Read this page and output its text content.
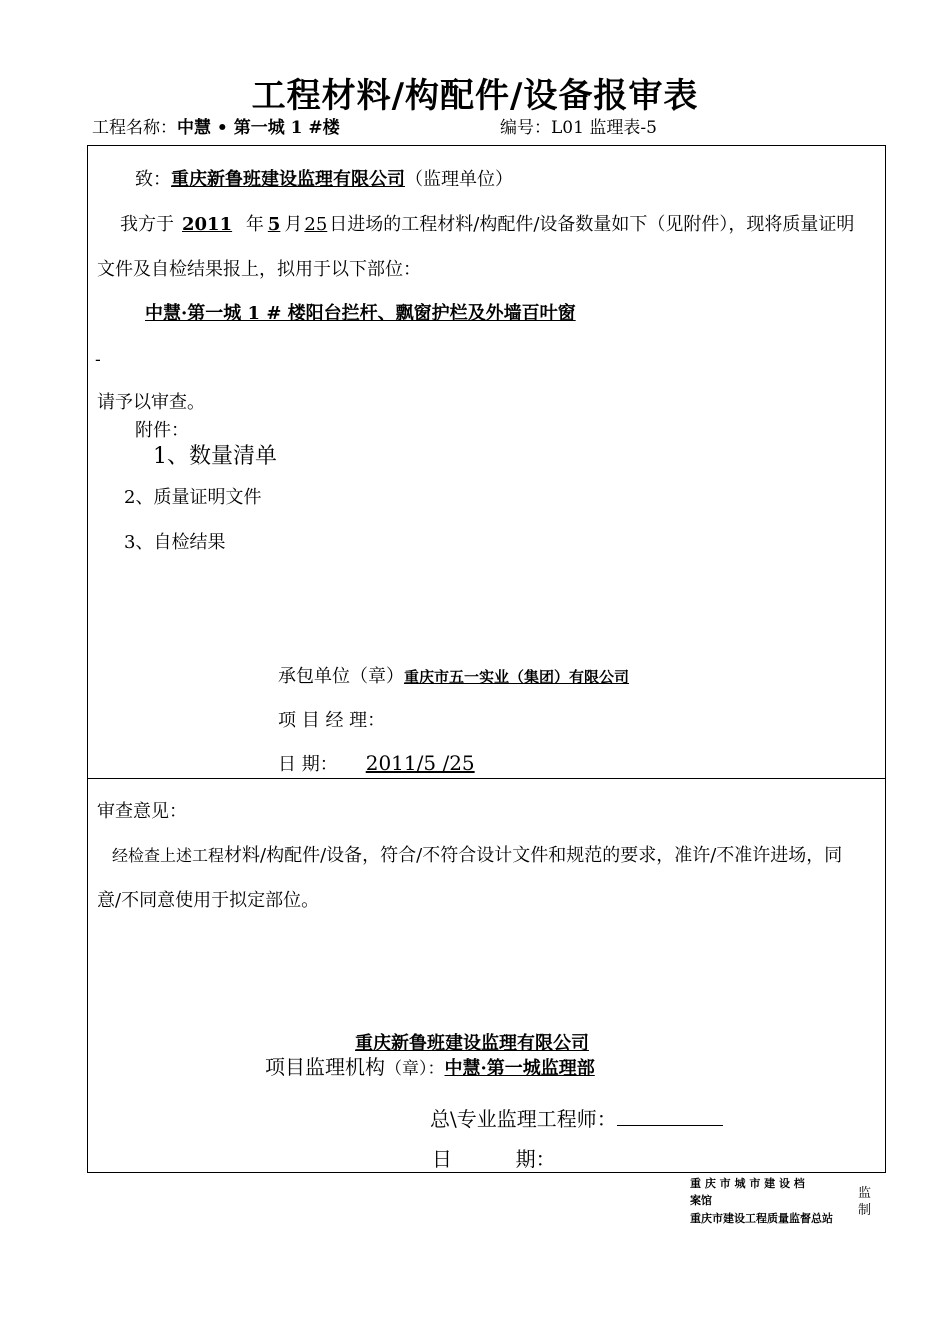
工程材料/构配件/设备报审表
工程名称：中慧 • 第一城 1 #楼	编号：L01 监理表-5
致：重庆新鲁班建设监理有限公司（监理单位）
我方于 2011 年 5 月 25 日进场的工程材料/构配件/设备数量如下（见附件），现将质量证明
文件及自检结果报上，拟用于以下部位：
中慧·第一城 1 # 楼阳台拦杆、飘窗护栏及外墙百叶窗
-
请予以审查。
附件：
1、数量清单
2、质量证明文件
3、自检结果
承包单位（章）重庆市五一实业（集团）有限公司
项 目 经 理：
日 期： 2011/5 /25
审查意见：
经检查上述工程材料/构配件/设备，符合/不符合设计文件和规范的要求，准许/不准许进场，同
意/不同意使用于拟定部位。
重庆新鲁班建设监理有限公司
项目监理机构（章）：中慧·第一城监理部
总\专业监理工程师：
日          期：
重 庆 市 城 市 建 设 档
案馆
重庆市建设工程质量监督总站
监
制
